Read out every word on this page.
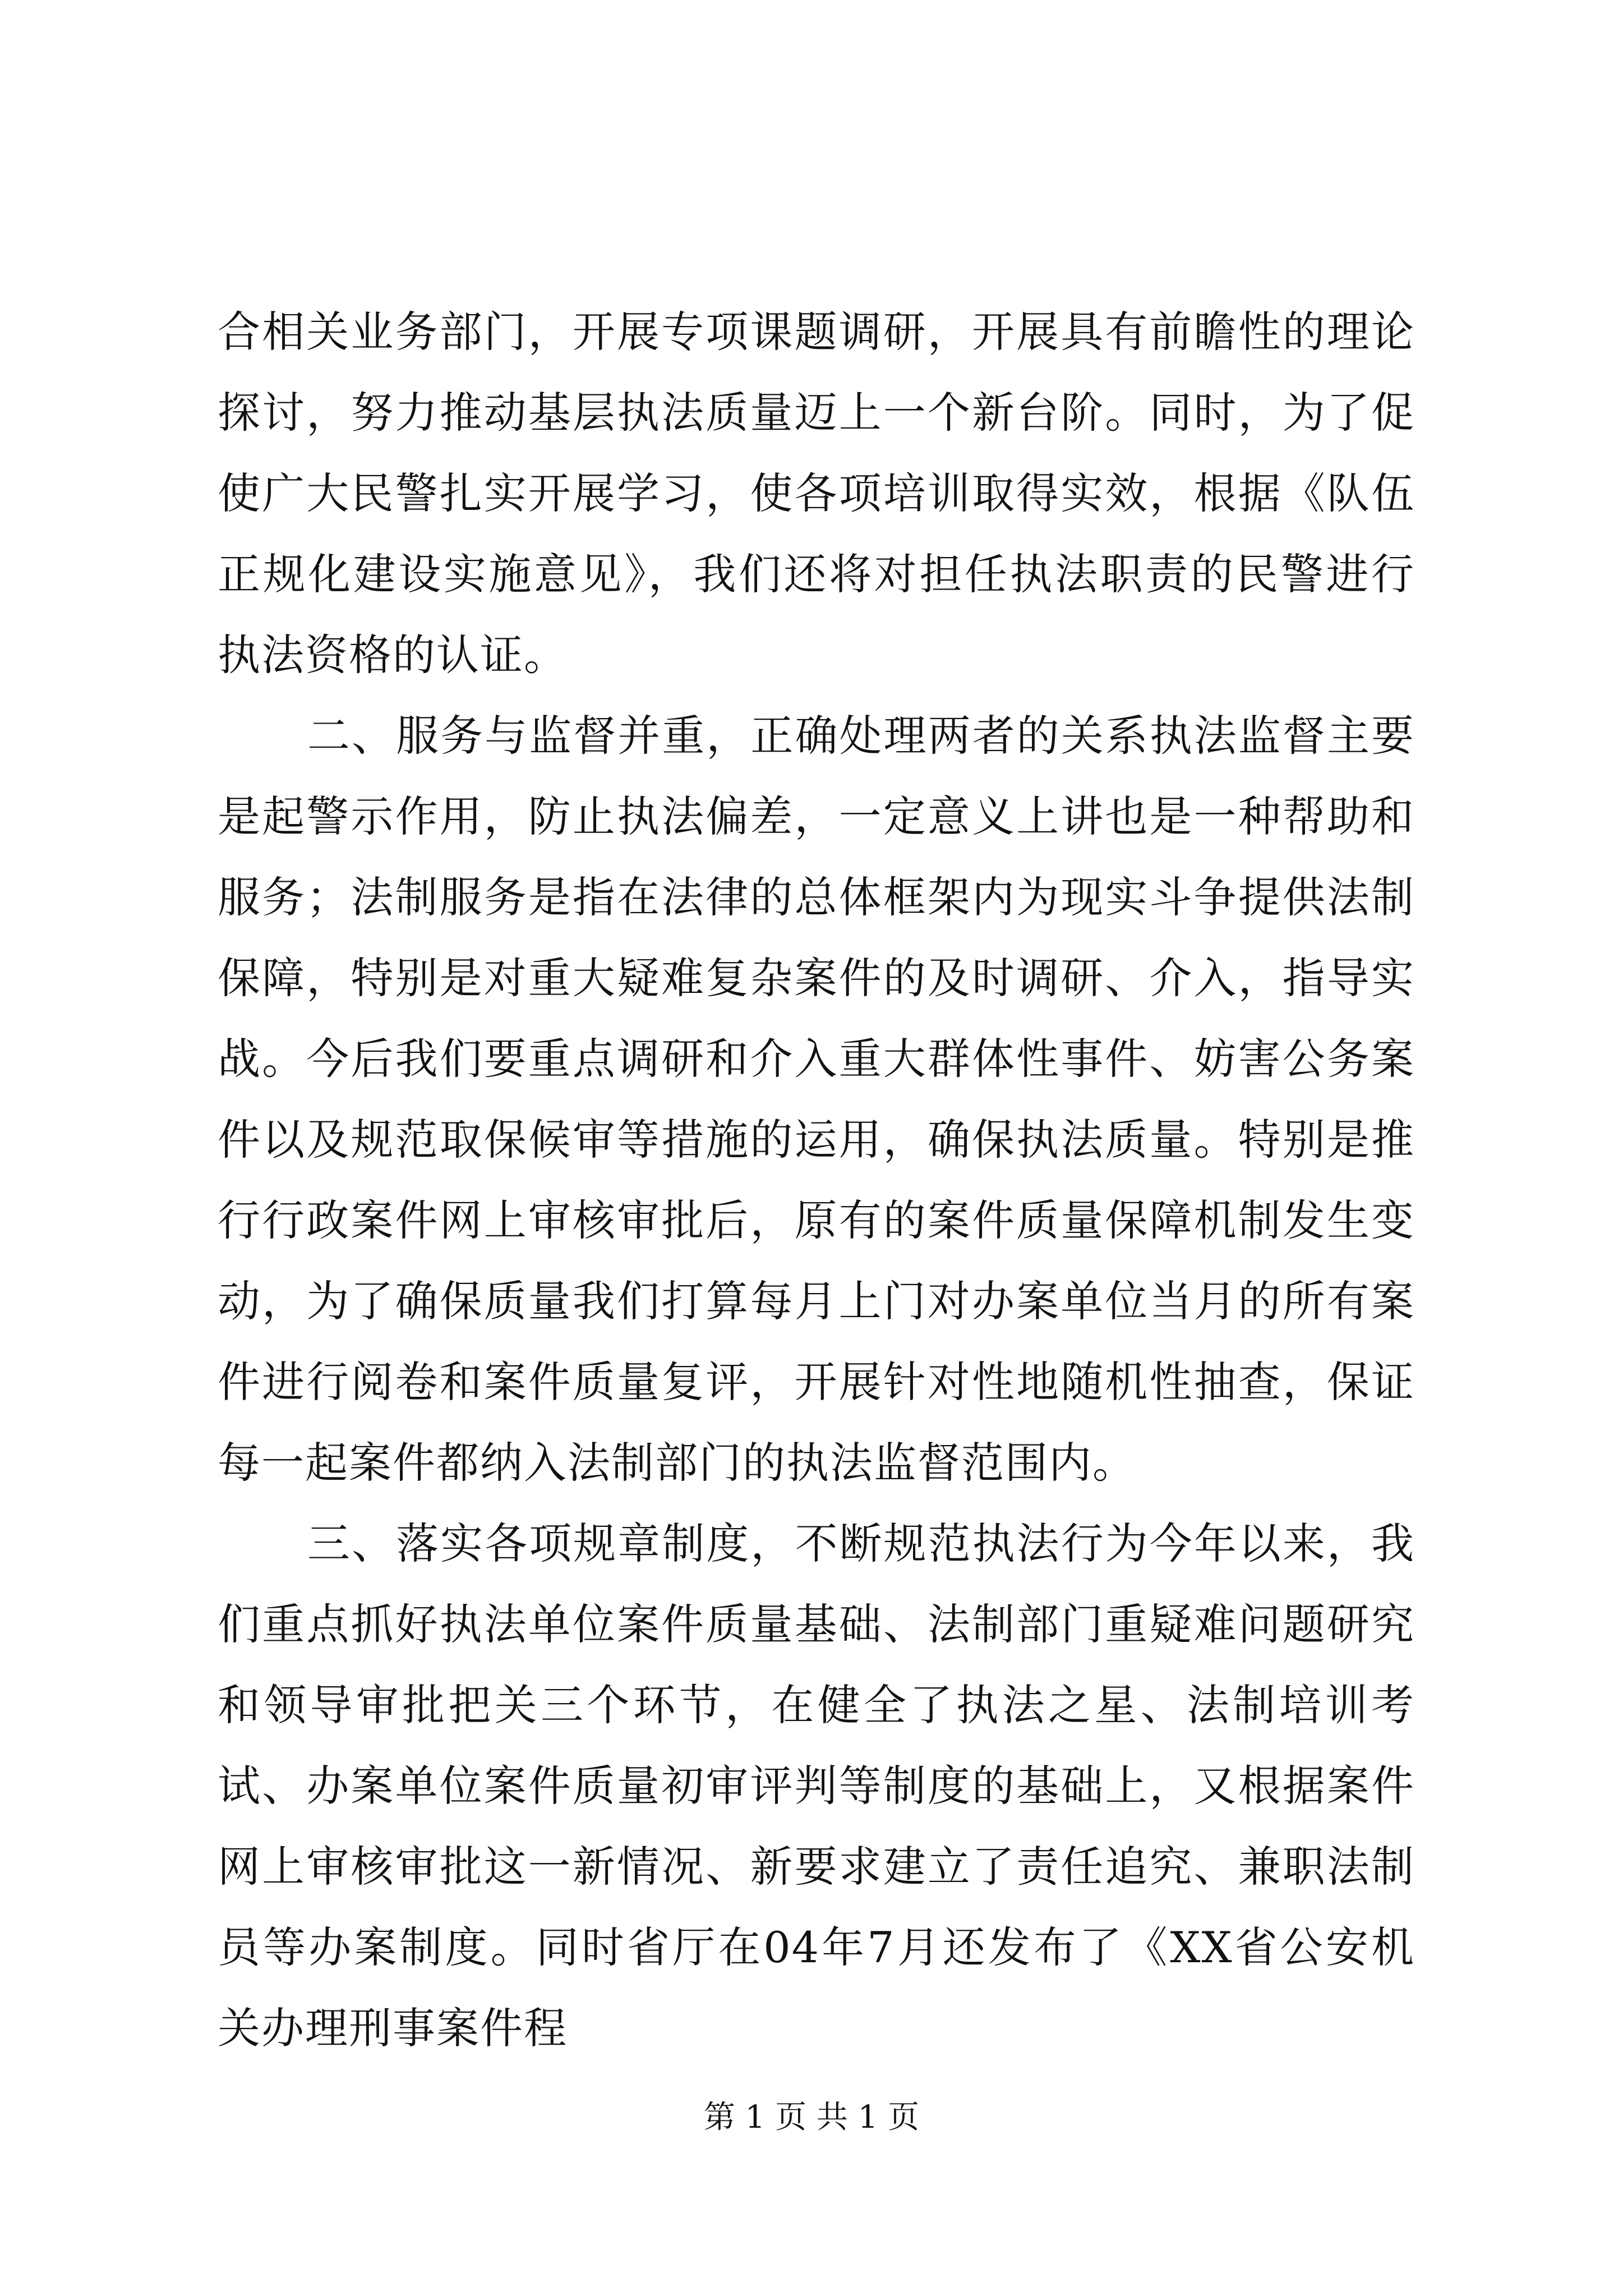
合相关业务部门，开展专项课题调研，开展具有前瞻性的理论探讨，努力推动基层执法质量迈上一个新台阶。同时，为了促使广大民警扎实开展学习，使各项培训取得实效，根据《队伍正规化建设实施意见》，我们还将对担任执法职责的民警进行执法资格的认证。

二、服务与监督并重，正确处理两者的关系执法监督主要是起警示作用，防止执法偏差，一定意义上讲也是一种帮助和服务；法制服务是指在法律的总体框架内为现实斗争提供法制保障，特别是对重大疑难复杂案件的及时调研、介入，指导实战。今后我们要重点调研和介入重大群体性事件、妨害公务案件以及规范取保候审等措施的运用，确保执法质量。特别是推行行政案件网上审核审批后，原有的案件质量保障机制发生变动，为了确保质量我们打算每月上门对办案单位当月的所有案件进行阅卷和案件质量复评，开展针对性地随机性抽查，保证每一起案件都纳入法制部门的执法监督范围内。

三、落实各项规章制度，不断规范执法行为今年以来，我们重点抓好执法单位案件质量基础、法制部门重疑难问题研究和领导审批把关三个环节，在健全了执法之星、法制培训考试、办案单位案件质量初审评判等制度的基础上，又根据案件网上审核审批这一新情况、新要求建立了责任追究、兼职法制员等办案制度。同时省厅在04年7月还发布了《XX省公安机关办理刑事案件程

第 1 页 共 1 页
